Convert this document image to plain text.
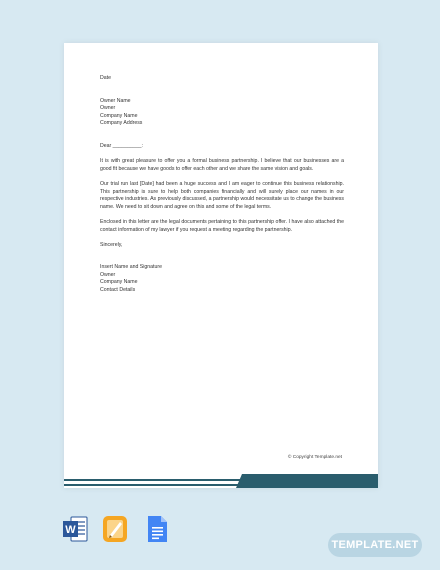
Date

Owner Name

Owner

Company Name

Company Address

Dear __________:

It is with great pleasure to offer you a formal business partnership. I believe that our businesses are a good fit because we have goods to offer each other and we share the same vision and goals.

Our trial run last [Date] had been a huge success and I am eager to continue this business relationship. This partnership is sure to help both companies financially and will surely place our names in our respective industries. As previously discussed, a partnership would necessitate us to change the business name. We need to sit down and agree on this and some of the legal terms.

Enclosed in this letter are the legal documents pertaining to this partnership offer. I have also attached the contact information of my lawyer if you request a meeting regarding the partnership.

Sincerely,

Insert Name and Signature

Owner

Company Name

Contact Details

© Copyright Template.net
W
TEMPLATE.NET
